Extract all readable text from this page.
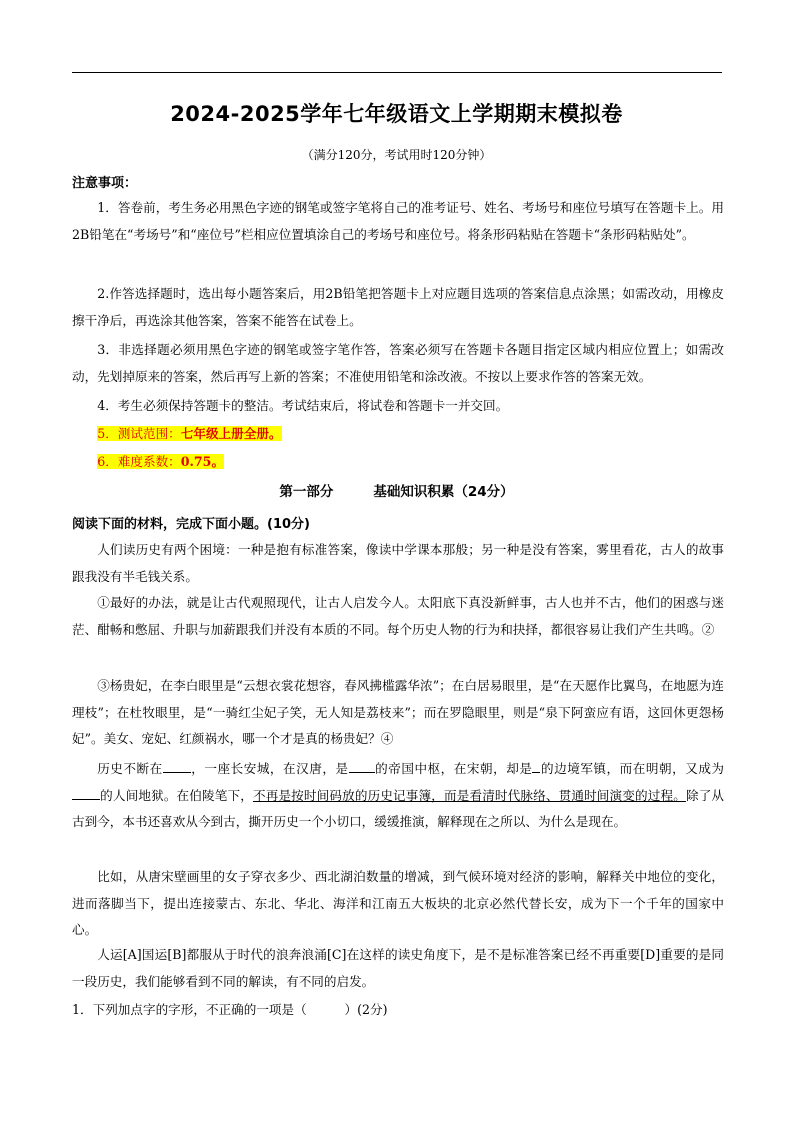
2024-2025学年七年级语文上学期期末模拟卷
（满分120分，考试用时120分钟）
注意事项：
1．答卷前，考生务必用黑色字迹的钢笔或签字笔将自己的准考证号、姓名、考场号和座位号填写在答题卡上。用2B铅笔在“考场号”和“座位号”栏相应位置填涂自己的考场号和座位号。将条形码粘贴在答题卡“条形码粘贴处”。
2.作答选择题时，选出每小题答案后，用2B铅笔把答题卡上对应题目选项的答案信息点涂黑；如需改动，用橡皮擦干净后，再选涂其他答案，答案不能答在试卷上。
3．非选择题必须用黑色字迹的钢笔或签字笔作答，答案必须写在答题卡各题目指定区域内相应位置上；如需改动，先划掉原来的答案，然后再写上新的答案；不准使用铅笔和涂改液。不按以上要求作答的答案无效。
4．考生必须保持答题卡的整洁。考试结束后，将试卷和答题卡一并交回。
5．测试范围：七年级上册全册。
6．难度系数：0.75。
第一部分	基础知识积累（24分）
阅读下面的材料，完成下面小题。(10分)
人们读历史有两个困境：一种是抱有标准答案，像读中学课本那般；另一种是没有答案，雾里看花，古人的故事跟我没有半毛钱关系。
①最好的办法，就是让古代观照现代，让古人启发今人。太阳底下真没新鲜事，古人也并不古，他们的困惑与迷茫、酣畅和憋屈、升职与加薪跟我们并没有本质的不同。每个历史人物的行为和抉择，都很容易让我们产生共鸣。②
③杨贵妃，在李白眼里是“云想衣裳花想容，春风拂槛露华浓”；在白居易眼里，是“在天愿作比翼鸟，在地愿为连理枝”；在杜牧眼里，是“一骑红尘妃子笑，无人知是荔枝来”；而在罗隐眼里，则是“泉下阿蛮应有语，这回休更怨杨妃”。美女、宠妃、红颜祸水，哪一个才是真的杨贵妃？④
历史不断在 ，一座长安城，在汉唐，是 的帝国中枢，在宋朝，却是 的边境军镇，而在明朝，又成为的人间地狱。在伯陵笔下，不再是按时间码放的历史记事簿，而是看清时代脉络、贯通时间演变的过程。除了从古到今，本书还喜欢从今到古，撕开历史一个小切口，缓缓推演，解释现在之所以、为什么是现在。
比如，从唐宋壁画里的女子穿衣多少、西北湖泊数量的增减，到气候环境对经济的影响，解释关中地位的变化，进而落脚当下，提出连接蒙古、东北、华北、海洋和江南五大板块的北京必然代替长安，成为下一个千年的国家中心。
人运[A]国运[B]都服从于时代的浪奔浪涌[C]在这样的读史角度下，是不是标准答案已经不再重要[D]重要的是同一段历史，我们能够看到不同的解读，有不同的启发。
1．下列加点字的字形，不正确的一项是（　　　）(2分)
